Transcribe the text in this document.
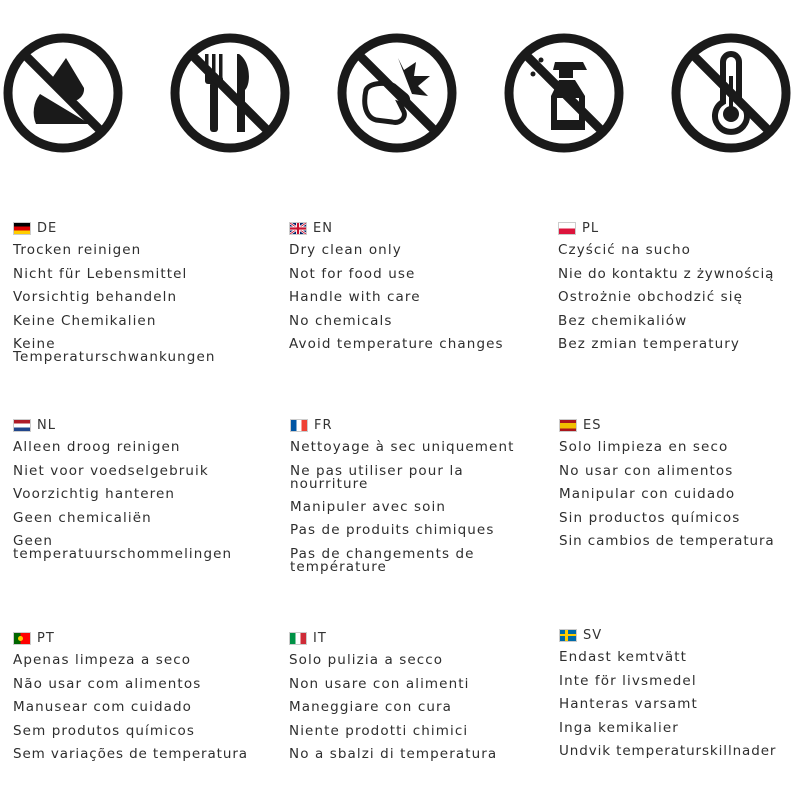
DE
Trocken reinigen
Nicht für Lebensmittel
Vorsichtig behandeln
Keine Chemikalien
Keine Temperaturschwankungen
EN
Dry clean only
Not for food use
Handle with care
No chemicals
Avoid temperature changes
PL
Czyścić na sucho
Nie do kontaktu z żywnością
Ostrożnie obchodzić się
Bez chemikaliów
Bez zmian temperatury
NL
Alleen droog reinigen
Niet voor voedselgebruik
Voorzichtig hanteren
Geen chemicaliën
Geen temperatuurschommelingen
FR
Nettoyage à sec uniquement
Ne pas utiliser pour la nourriture
Manipuler avec soin
Pas de produits chimiques
Pas de changements de température
ES
Solo limpieza en seco
No usar con alimentos
Manipular con cuidado
Sin productos químicos
Sin cambios de temperatura
PT
Apenas limpeza a seco
Não usar com alimentos
Manusear com cuidado
Sem produtos químicos
Sem variações de temperatura
IT
Solo pulizia a secco
Non usare con alimenti
Maneggiare con cura
Niente prodotti chimici
No a sbalzi di temperatura
SV
Endast kemtvätt
Inte för livsmedel
Hanteras varsamt
Inga kemikalier
Undvik temperaturskillnader
